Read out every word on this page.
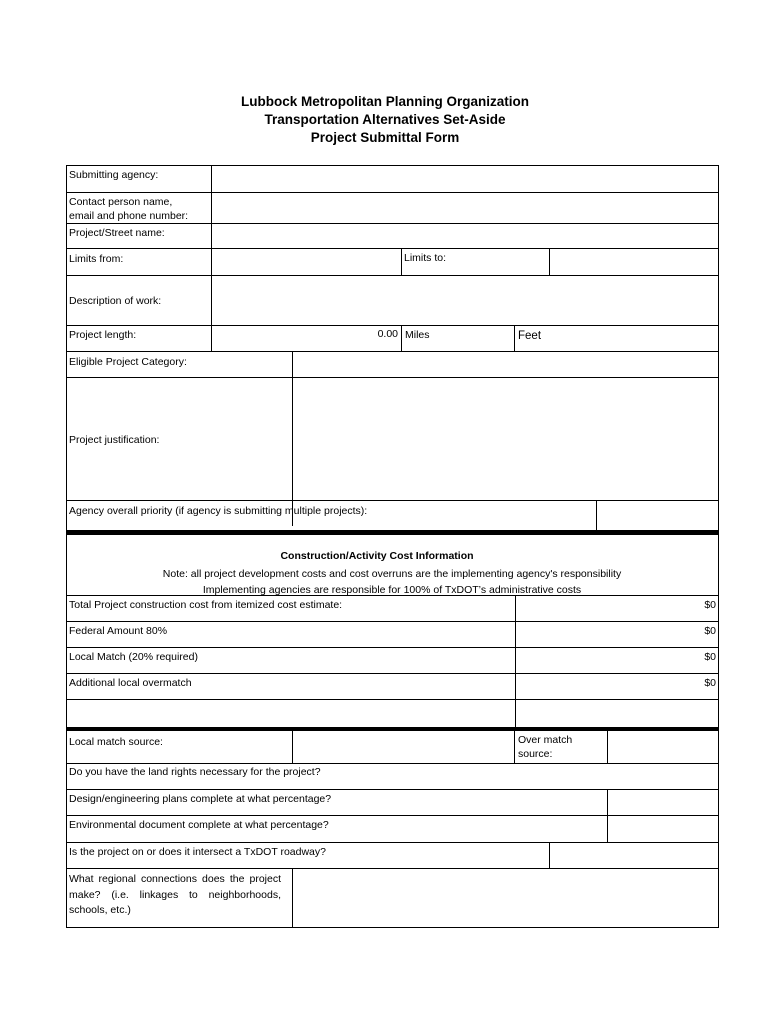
Lubbock Metropolitan Planning Organization
Transportation Alternatives Set-Aside
Project Submittal Form
Submitting agency:
Contact person name,
email and phone number:
Project/Street name:
Limits from:	Limits to:
Description of work:
Project length:	0.00 Miles	Feet
Eligible Project Category:
Project justification:
Agency overall priority (if agency is submitting multiple projects):
Construction/Activity Cost Information
Note: all project development costs and cost overruns are the implementing agency's responsibility
Implementing agencies are responsible for 100% of TxDOT’s administrative costs
Total Project construction cost from itemized cost estimate:	$0
Federal Amount 80%	$0
Local Match (20% required)	$0
Additional local overmatch	$0
Local match source:	Over match
source:
Do you have the land rights necessary for the project?
Design/engineering plans complete at what percentage?
Environmental document complete at what percentage?
Is the project on or does it intersect a TxDOT roadway?
What regional connections does the project make? (i.e. linkages to neighborhoods, schools, etc.)
